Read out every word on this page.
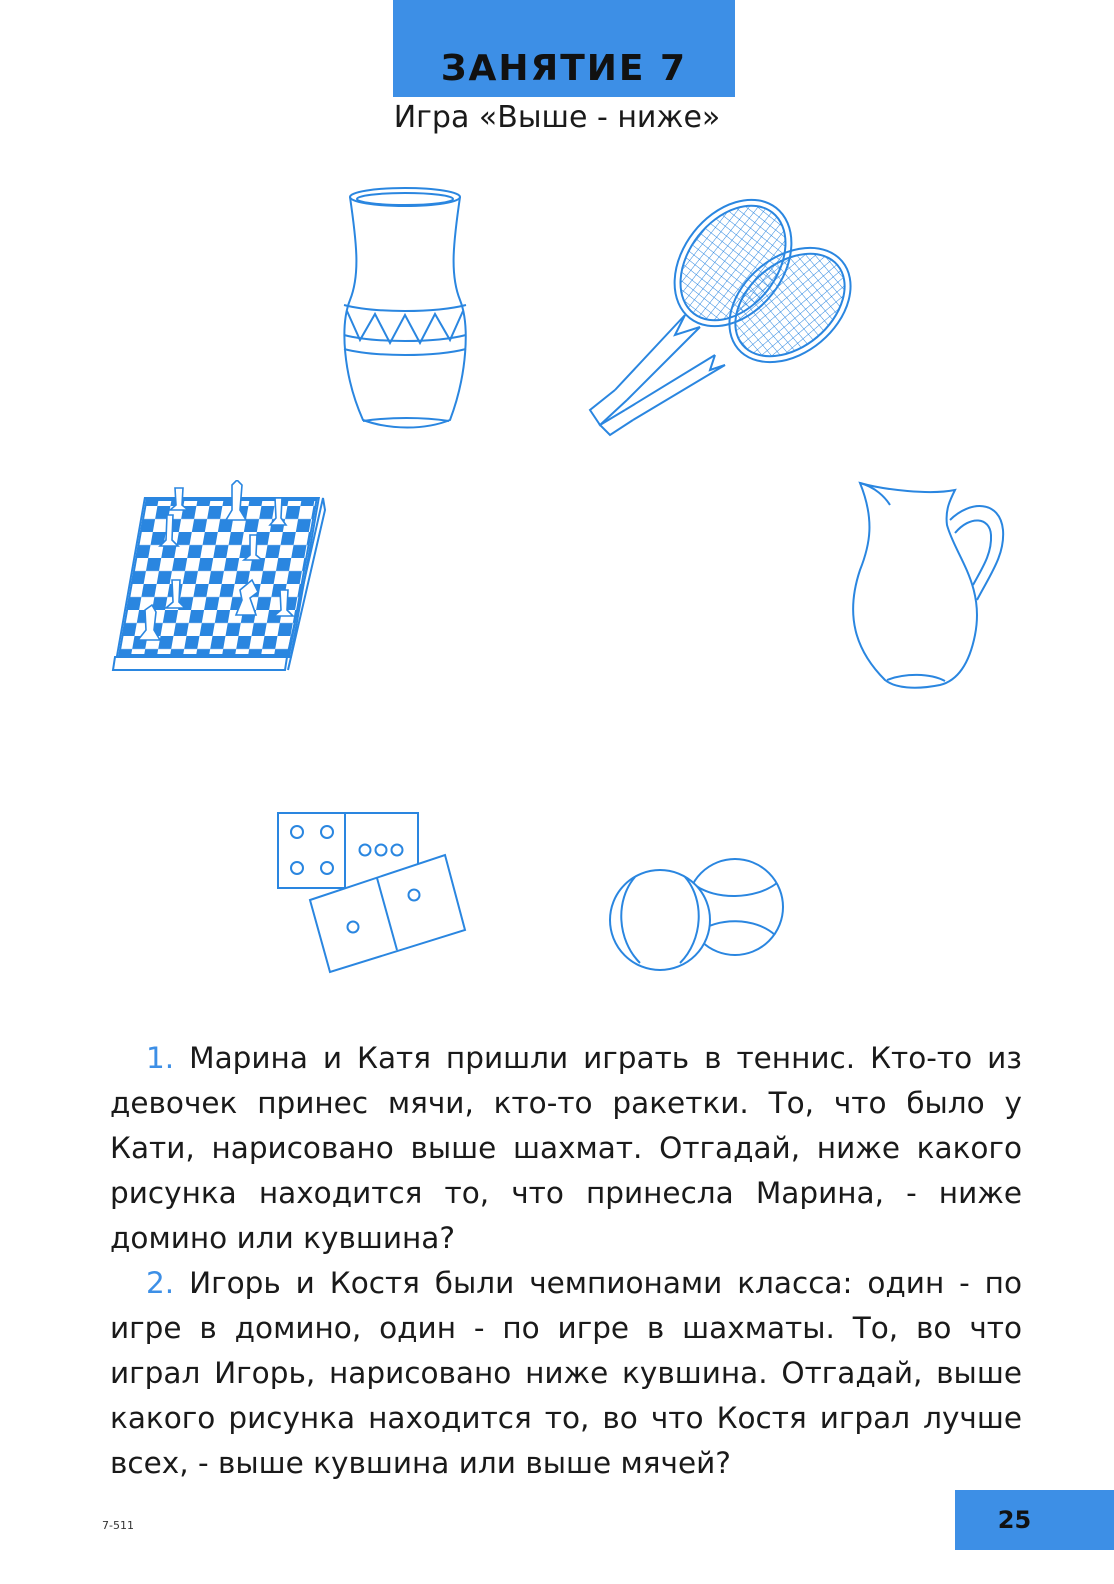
ЗАНЯТИЕ 7
Игра «Выше - ниже»

1. Марина и Катя пришли играть в теннис. Кто-то из девочек принес мячи, кто-то ракетки. То, что было у Кати, нарисовано выше шахмат. Отгадай, ниже какого рисунка находится то, что принесла Марина, - ниже домино или кувшина?

2. Игорь и Костя были чемпионами класса: один - по игре в домино, один - по игре в шахматы. То, во что играл Игорь, нарисовано ниже кувшина. Отгадай, выше какого рисунка находится то, во что Костя играл лучше всех, - выше кувшина или выше мячей?

7-511	25
